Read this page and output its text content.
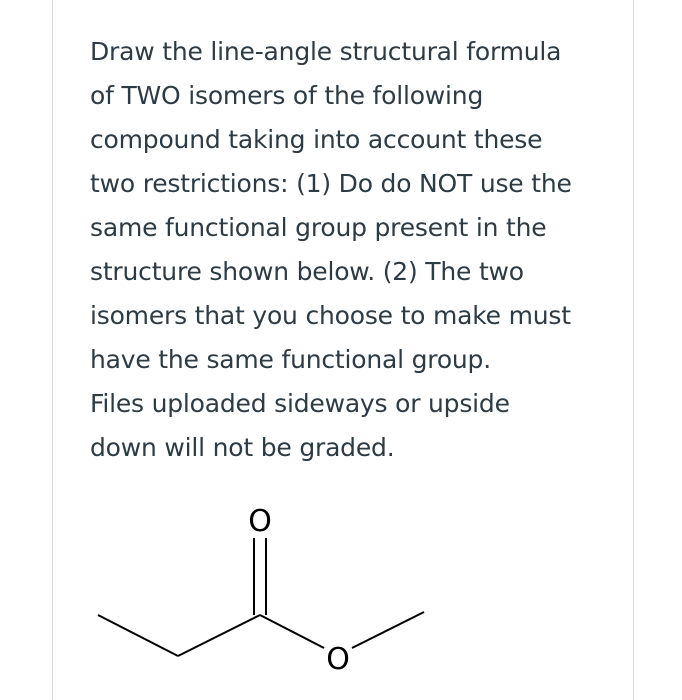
Draw the line-angle structural formula

of TWO isomers of the following

compound taking into account these

two restrictions: (1) Do do NOT use the

same functional group present in the

structure shown below. (2) The two

isomers that you choose to make must

have the same functional group.

Files uploaded sideways or upside

down will not be graded.

O
O
